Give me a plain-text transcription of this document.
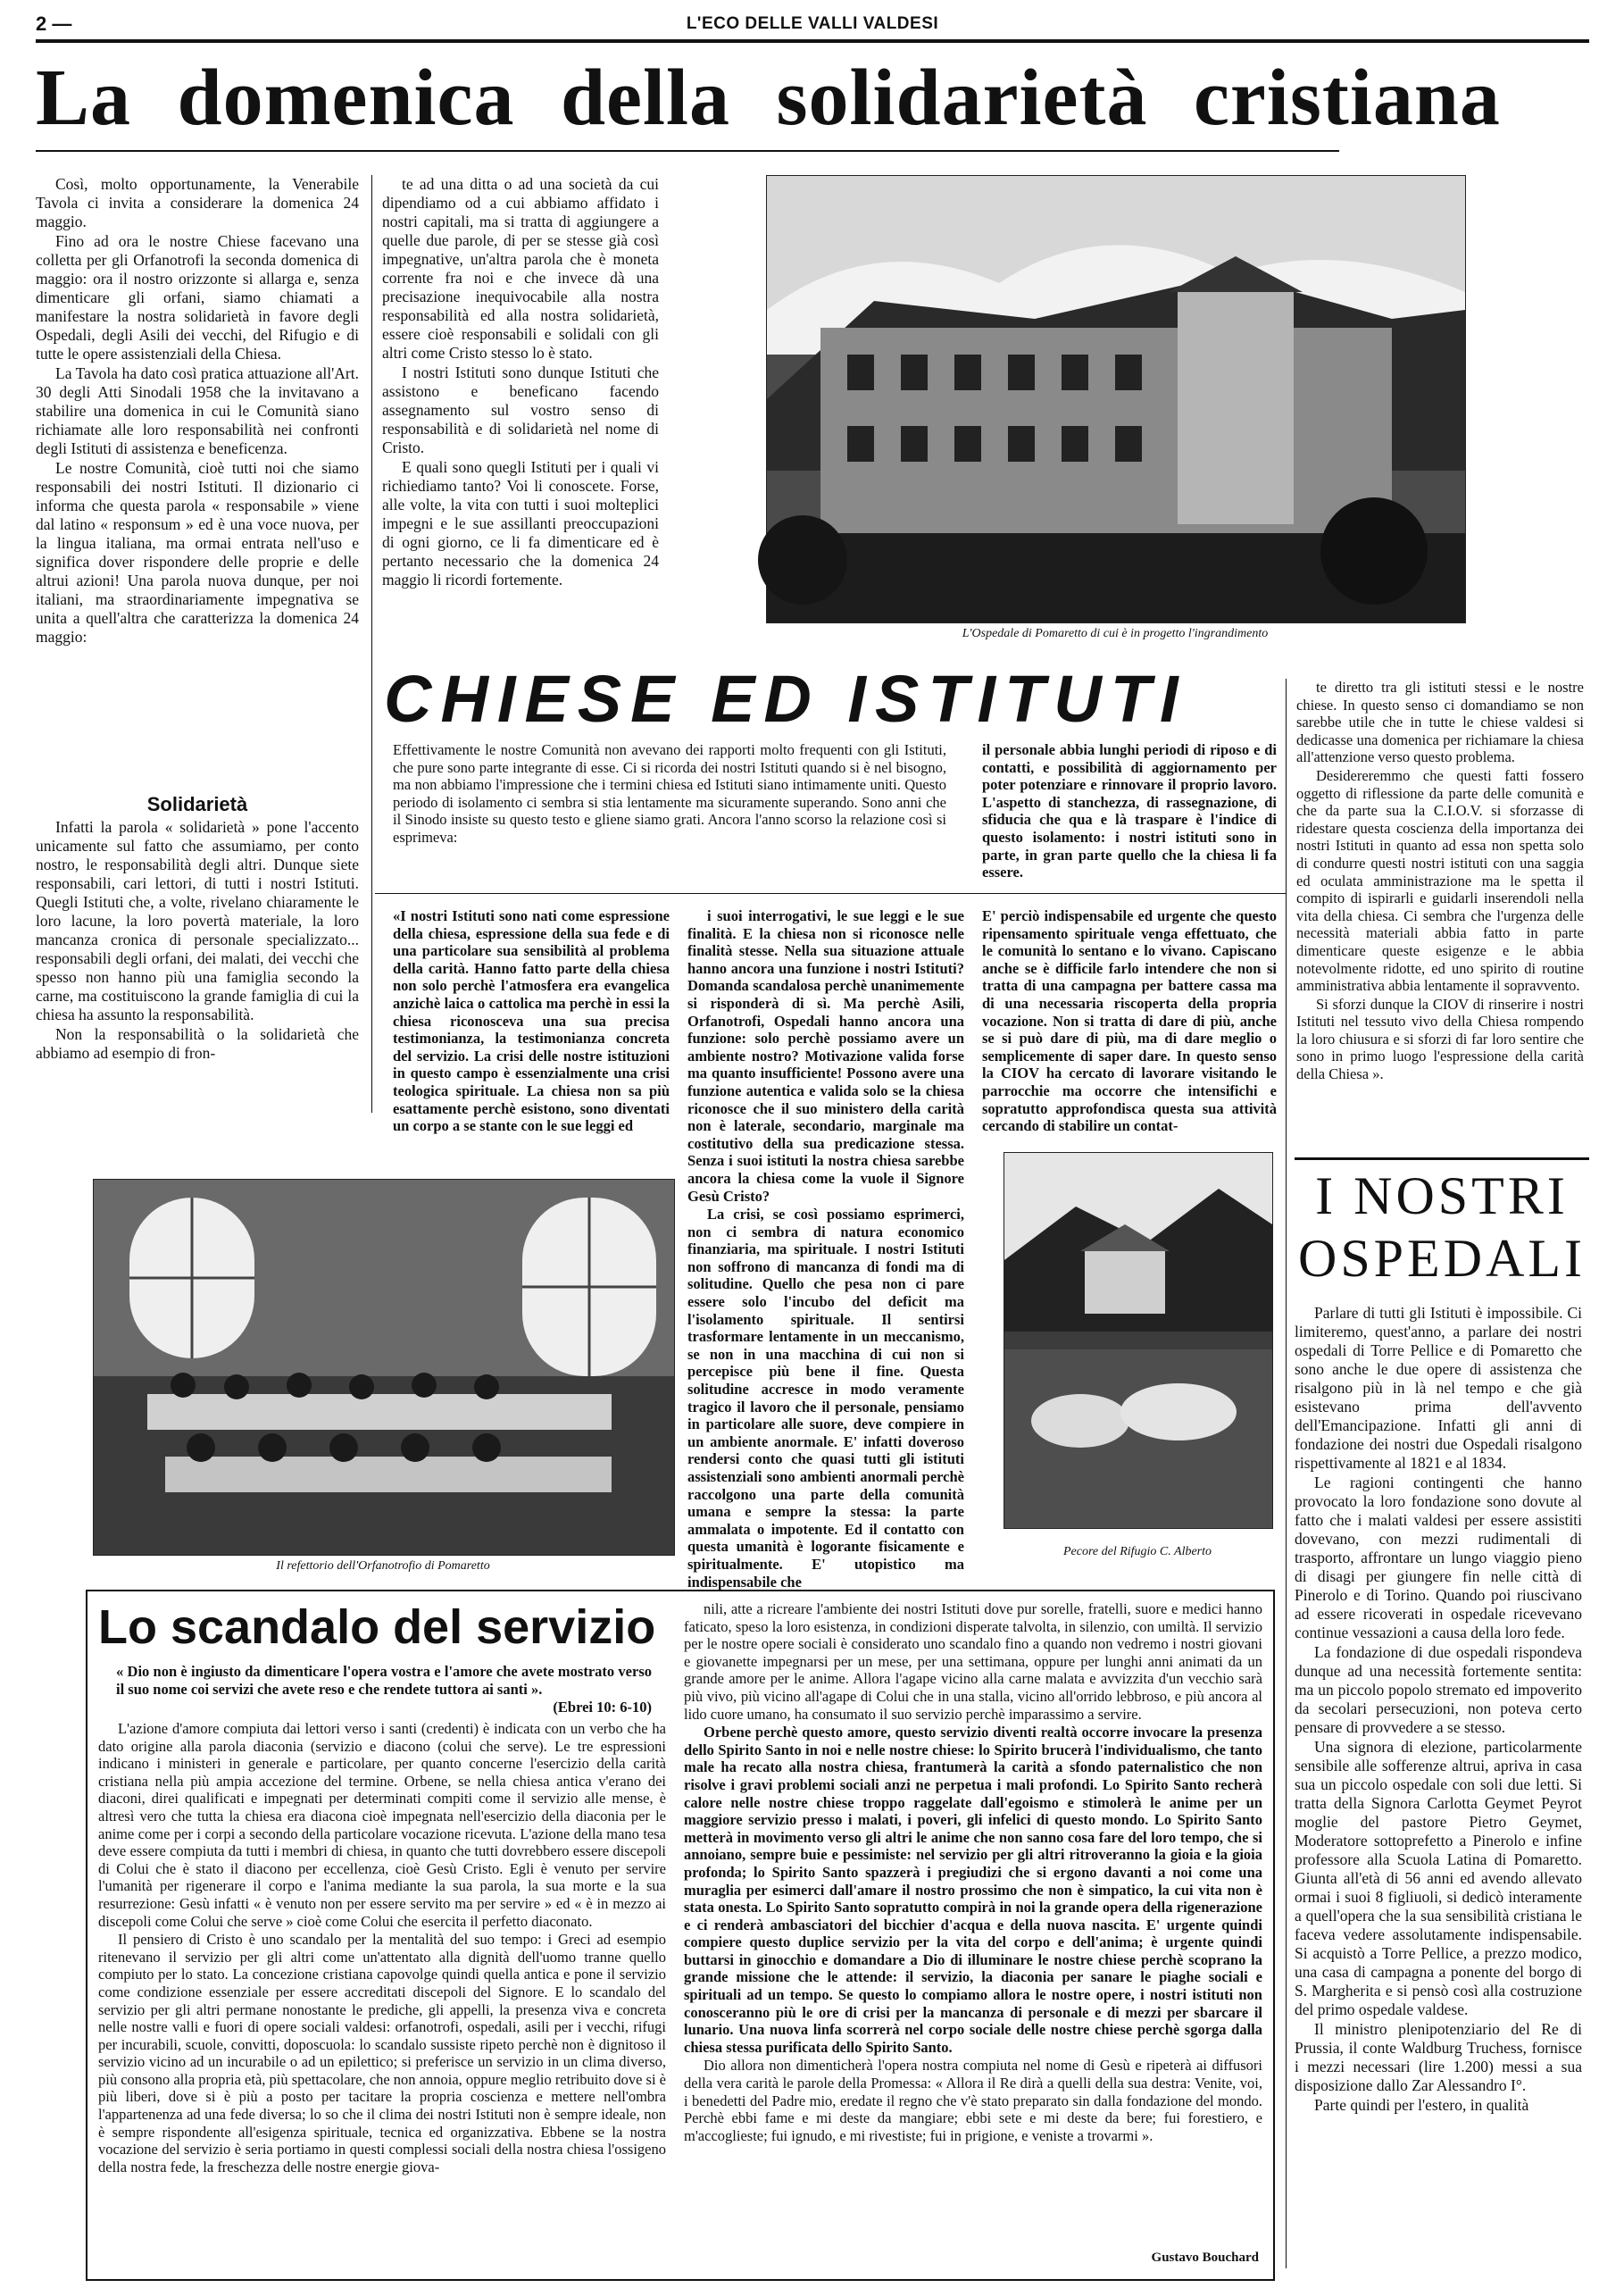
2 —	L'ECO DELLE VALLI VALDESI
La domenica della solidarietà cristiana

Così, molto opportunamente, la Venerabile Tavola ci invita a considerare la domenica 24 maggio.

Fino ad ora le nostre Chiese facevano una colletta per gli Orfanotrofi la seconda domenica di maggio: ora il nostro orizzonte si allarga e, senza dimenticare gli orfani, siamo chiamati a manifestare la nostra solidarietà in favore degli Ospedali, degli Asili dei vecchi, del Rifugio e di tutte le opere assistenziali della Chiesa.

La Tavola ha dato così pratica attuazione all'Art. 30 degli Atti Sinodali 1958 che la invitavano a stabilire una domenica in cui le Comunità siano richiamate alle loro responsabilità nei confronti degli Istituti di assistenza e beneficenza.

Le nostre Comunità, cioè tutti noi che siamo responsabili dei nostri Istituti. Il dizionario ci informa che questa parola « responsabile » viene dal latino « responsum » ed è una voce nuova, per la lingua italiana, ma ormai entrata nell'uso e significa dover rispondere delle proprie e delle altrui azioni! Una parola nuova dunque, per noi italiani, ma straordinariamente impegnativa se unita a quell'altra che caratterizza la domenica 24 maggio:

Solidarietà

Infatti la parola « solidarietà » pone l'accento unicamente sul fatto che assumiamo, per conto nostro, le responsabilità degli altri. Dunque siete responsabili, cari lettori, di tutti i nostri Istituti. Quegli Istituti che, a volte, rivelano chiaramente le loro lacune, la loro povertà materiale, la loro mancanza cronica di personale specializzato... responsabili degli orfani, dei malati, dei vecchi che spesso non hanno più una famiglia secondo la carne, ma costituiscono la grande famiglia di cui la chiesa ha assunto la responsabilità.

Non la responsabilità o la solidarietà che abbiamo ad esempio di fron-

te ad una ditta o ad una società da cui dipendiamo od a cui abbiamo affidato i nostri capitali, ma si tratta di aggiungere a quelle due parole, di per se stesse già così impegnative, un'altra parola che è moneta corrente fra noi e che invece dà una precisazione inequivocabile alla nostra responsabilità ed alla nostra solidarietà, essere cioè responsabili e solidali con gli altri come Cristo stesso lo è stato.

I nostri Istituti sono dunque Istituti che assistono e beneficano facendo assegnamento sul vostro senso di responsabilità e di solidarietà nel nome di Cristo.

E quali sono quegli Istituti per i quali vi richiediamo tanto? Voi li conoscete. Forse, alle volte, la vita con tutti i suoi molteplici impegni e le sue assillanti preoccupazioni di ogni giorno, ce li fa dimenticare ed è pertanto necessario che la domenica 24 maggio li ricordi fortemente.

L'Ospedale di Pomaretto di cui è in progetto l'ingrandimento
CHIESE ED ISTITUTI
Effettivamente le nostre Comunità non avevano dei rapporti molto frequenti con gli Istituti, che pure sono parte integrante di esse. Ci si ricorda dei nostri Istituti quando si è nel bisogno, ma non abbiamo l'impressione che i termini chiesa ed Istituti siano intimamente uniti. Questo periodo di isolamento ci sembra si stia lentamente ma sicuramente superando. Sono anni che il Sinodo insiste su questo testo e gliene siamo grati. Ancora l'anno scorso la relazione così si esprimeva:
il personale abbia lunghi periodi di riposo e di contatti, e possibilità di aggiornamento per poter potenziare e rinnovare il proprio lavoro. L'aspetto di stanchezza, di rassegnazione, di sfiducia che qua e là traspare è l'indice di questo isolamento: i nostri istituti sono in parte, in gran parte quello che la chiesa li fa essere.
«I nostri Istituti sono nati come espressione della chiesa, espressione della sua fede e di una particolare sua sensibilità al problema della carità. Hanno fatto parte della chiesa non solo perchè l'atmosfera era evangelica anzichè laica o cattolica ma perchè in essi la chiesa riconosceva una sua precisa testimonianza, la testimonianza concreta del servizio. La crisi delle nostre istituzioni in questo campo è essenzialmente una crisi teologica spirituale. La chiesa non sa più esattamente perchè esistono, sono diventati un corpo a se stante con le sue leggi ed

i suoi interrogativi, le sue leggi e le sue finalità. E la chiesa non si riconosce nelle finalità stesse. Nella sua situazione attuale hanno ancora una funzione i nostri Istituti? Domanda scandalosa perchè unanimemente si risponderà di sì. Ma perchè Asili, Orfanotrofi, Ospedali hanno ancora una funzione: solo perchè possiamo avere un ambiente nostro? Motivazione valida forse ma quanto insufficiente! Possono avere una funzione autentica e valida solo se la chiesa riconosce che il suo ministero della carità non è laterale, secondario, marginale ma costitutivo della sua predicazione stessa. Senza i suoi istituti la nostra chiesa sarebbe ancora la chiesa come la vuole il Signore Gesù Cristo?

La crisi, se così possiamo esprimerci, non ci sembra di natura economico finanziaria, ma spirituale. I nostri Istituti non soffrono di mancanza di fondi ma di solitudine. Quello che pesa non ci pare essere solo l'incubo del deficit ma l'isolamento spirituale. Il sentirsi trasformare lentamente in un meccanismo, se non in una macchina di cui non si percepisce più bene il fine. Questa solitudine accresce in modo veramente tragico il lavoro che il personale, pensiamo in particolare alle suore, deve compiere in un ambiente anormale. E' infatti doveroso rendersi conto che quasi tutti gli istituti assistenziali sono ambienti anormali perchè raccolgono una parte della comunità umana e sempre la stessa: la parte ammalata o impotente. Ed il contatto con questa umanità è logorante fisicamente e spiritualmente. E' utopistico ma indispensabile che

E' perciò indispensabile ed urgente che questo ripensamento spirituale venga effettuato, che le comunità lo sentano e lo vivano. Capiscano anche se è difficile farlo intendere che non si tratta di una campagna per battere cassa ma di una necessaria riscoperta della propria vocazione. Non si tratta di dare di più, anche se si può dare di più, ma di dare meglio o semplicemente di saper dare. In questo senso la CIOV ha cercato di lavorare visitando le parrocchie ma occorre che intensifichi e sopratutto approfondisca questa sua attività cercando di stabilire un contat-

te diretto tra gli istituti stessi e le nostre chiese. In questo senso ci domandiamo se non sarebbe utile che in tutte le chiese valdesi si dedicasse una domenica per richiamare la chiesa all'attenzione verso questo problema.

Desidereremmo che questi fatti fossero oggetto di riflessione da parte delle comunità e che da parte sua la C.I.O.V. si sforzasse di ridestare questa coscienza della importanza dei nostri Istituti in quanto ad essa non spetta solo di condurre questi nostri istituti con una saggia ed oculata amministrazione ma le spetta il compito di ispirarli e guidarli inserendoli nella vita della chiesa. Ci sembra che l'urgenza delle necessità materiali abbia fatto in parte dimenticare queste esigenze e le abbia notevolmente ridotte, ed uno spirito di routine amministrativa abbia lentamente il sopravvento.

Si sforzi dunque la CIOV di rinserire i nostri Istituti nel tessuto vivo della Chiesa rompendo la loro chiusura e si sforzi di far loro sentire che sono in primo luogo l'espressione della carità della Chiesa ».

Il refettorio dell'Orfanotrofio di Pomaretto
Pecore del Rifugio C. Alberto
I NOSTRI
OSPEDALI

Parlare di tutti gli Istituti è impossibile. Ci limiteremo, quest'anno, a parlare dei nostri ospedali di Torre Pellice e di Pomaretto che sono anche le due opere di assistenza che risalgono più in là nel tempo e che già esistevano prima dell'avvento dell'Emancipazione. Infatti gli anni di fondazione dei nostri due Ospedali risalgono rispettivamente al 1821 e al 1834.

Le ragioni contingenti che hanno provocato la loro fondazione sono dovute al fatto che i malati valdesi per essere assistiti dovevano, con mezzi rudimentali di trasporto, affrontare un lungo viaggio pieno di disagi per giungere fin nelle città di Pinerolo e di Torino. Quando poi riuscivano ad essere ricoverati in ospedale ricevevano continue vessazioni a causa della loro fede.

La fondazione di due ospedali rispondeva dunque ad una necessità fortemente sentita: ma un piccolo popolo stremato ed impoverito da secolari persecuzioni, non poteva certo pensare di provvedere a se stesso.

Una signora di elezione, particolarmente sensibile alle sofferenze altrui, apriva in casa sua un piccolo ospedale con soli due letti. Si tratta della Signora Carlotta Geymet Peyrot moglie del pastore Pietro Geymet, Moderatore sottoprefetto a Pinerolo e infine professore alla Scuola Latina di Pomaretto. Giunta all'età di 56 anni ed avendo allevato ormai i suoi 8 figliuoli, si dedicò interamente a quell'opera che la sua sensibilità cristiana le faceva vedere assolutamente indispensabile. Si acquistò a Torre Pellice, a prezzo modico, una casa di campagna a ponente del borgo di S. Margherita e si pensò così alla costruzione del primo ospedale valdese.

Il ministro plenipotenziario del Re di Prussia, il conte Waldburg Truchess, fornisce i mezzi necessari (lire 1.200) messi a sua disposizione dallo Zar Alessandro I°.

Parte quindi per l'estero, in qualità

Lo scandalo del servizio
« Dio non è ingiusto da dimenticare l'opera vostra e l'amore che avete mostrato verso il suo nome coi servizi che avete reso e che rendete tuttora ai santi ».
(Ebrei 10: 6-10)

L'azione d'amore compiuta dai lettori verso i santi (credenti) è indicata con un verbo che ha dato origine alla parola diaconia (servizio e diacono (colui che serve). Le tre espressioni indicano i ministeri in generale e particolare, per quanto concerne l'esercizio della carità cristiana nella più ampia accezione del termine. Orbene, se nella chiesa antica v'erano dei diaconi, direi qualificati e impegnati per determinati compiti come il servizio alle mense, è altresì vero che tutta la chiesa era diacona cioè impegnata nell'esercizio della diaconia per le anime come per i corpi a secondo della particolare vocazione ricevuta. L'azione della mano tesa deve essere compiuta da tutti i membri di chiesa, in quanto che tutti dovrebbero essere discepoli di Colui che è stato il diacono per eccellenza, cioè Gesù Cristo. Egli è venuto per servire l'umanità per rigenerare il corpo e l'anima mediante la sua parola, la sua morte e la sua resurrezione: Gesù infatti « è venuto non per essere servito ma per servire » ed « è in mezzo ai discepoli come Colui che serve » cioè come Colui che esercita il perfetto diaconato.

Il pensiero di Cristo è uno scandalo per la mentalità del suo tempo: i Greci ad esempio ritenevano il servizio per gli altri come un'attentato alla dignità dell'uomo tranne quello compiuto per lo stato. La concezione cristiana capovolge quindi quella antica e pone il servizio come condizione essenziale per essere accreditati discepoli del Signore. E lo scandalo del servizio per gli altri permane nonostante le prediche, gli appelli, la presenza viva e concreta nelle nostre valli e fuori di opere sociali valdesi: orfanotrofi, ospedali, asili per i vecchi, rifugi per incurabili, scuole, convitti, doposcuola: lo scandalo sussiste ripeto perchè non è dignitoso il servizio vicino ad un incurabile o ad un epilettico; si preferisce un servizio in un clima diverso, più consono alla propria età, più spettacolare, che non annoia, oppure meglio retribuito dove si è più liberi, dove si è più a posto per tacitare la propria coscienza e mettere nell'ombra l'appartenenza ad una fede diversa; lo so che il clima dei nostri Istituti non è sempre ideale, non è sempre rispondente all'esigenza spirituale, tecnica ed organizzativa. Ebbene se la nostra vocazione del servizio è seria portiamo in questi complessi sociali della nostra chiesa l'ossigeno della nostra fede, la freschezza delle nostre energie giova-

nili, atte a ricreare l'ambiente dei nostri Istituti dove pur sorelle, fratelli, suore e medici hanno faticato, speso la loro esistenza, in condizioni disperate talvolta, in silenzio, con umiltà. Il servizio per le nostre opere sociali è considerato uno scandalo fino a quando non vedremo i nostri giovani e giovanette impegnarsi per un mese, per una settimana, oppure per lunghi anni animati da un grande amore per le anime. Allora l'agape vicino alla carne malata e avvizzita d'un vecchio sarà più vivo, più vicino all'agape di Colui che in una stalla, vicino all'orrido lebbroso, e più ancora al lido cuore umano, ha consumato il suo servizio perchè imparassimo a servire.

Orbene perchè questo amore, questo servizio diventi realtà occorre invocare la presenza dello Spirito Santo in noi e nelle nostre chiese: lo Spirito brucerà l'individualismo, che tanto male ha recato alla nostra chiesa, frantumerà la carità a sfondo paternalistico che non risolve i gravi problemi sociali anzi ne perpetua i mali profondi. Lo Spirito Santo recherà calore nelle nostre chiese troppo raggelate dall'egoismo e stimolerà le anime per un maggiore servizio presso i malati, i poveri, gli infelici di questo mondo. Lo Spirito Santo metterà in movimento verso gli altri le anime che non sanno cosa fare del loro tempo, che si annoiano, sempre buie e pessimiste: nel servizio per gli altri ritroveranno la gioia e la gioia profonda; lo Spirito Santo spazzerà i pregiudizi che si ergono davanti a noi come una muraglia per esimerci dall'amare il nostro prossimo che non è simpatico, la cui vita non è stata onesta. Lo Spirito Santo sopratutto compirà in noi la grande opera della rigenerazione e ci renderà ambasciatori del bicchier d'acqua e della nuova nascita. E' urgente quindi compiere questo duplice servizio per la vita del corpo e dell'anima; è urgente quindi buttarsi in ginocchio e domandare a Dio di illuminare le nostre chiese perchè scoprano la grande missione che le attende: il servizio, la diaconia per sanare le piaghe sociali e spirituali ad un tempo. Se questo lo compiamo allora le nostre opere, i nostri istituti non conosceranno più le ore di crisi per la mancanza di personale e di mezzi per sbarcare il lunario. Una nuova linfa scorrerà nel corpo sociale delle nostre chiese perchè sgorga dalla chiesa stessa purificata dello Spirito Santo.

Dio allora non dimenticherà l'opera nostra compiuta nel nome di Gesù e ripeterà ai diffusori della vera carità le parole della Promessa: « Allora il Re dirà a quelli della sua destra: Venite, voi, i benedetti del Padre mio, eredate il regno che v'è stato preparato sin dalla fondazione del mondo. Perchè ebbi fame e mi deste da mangiare; ebbi sete e mi deste da bere; fui forestiero, e m'accoglieste; fui ignudo, e mi rivestiste; fui in prigione, e veniste a trovarmi ».

Gustavo Bouchard
